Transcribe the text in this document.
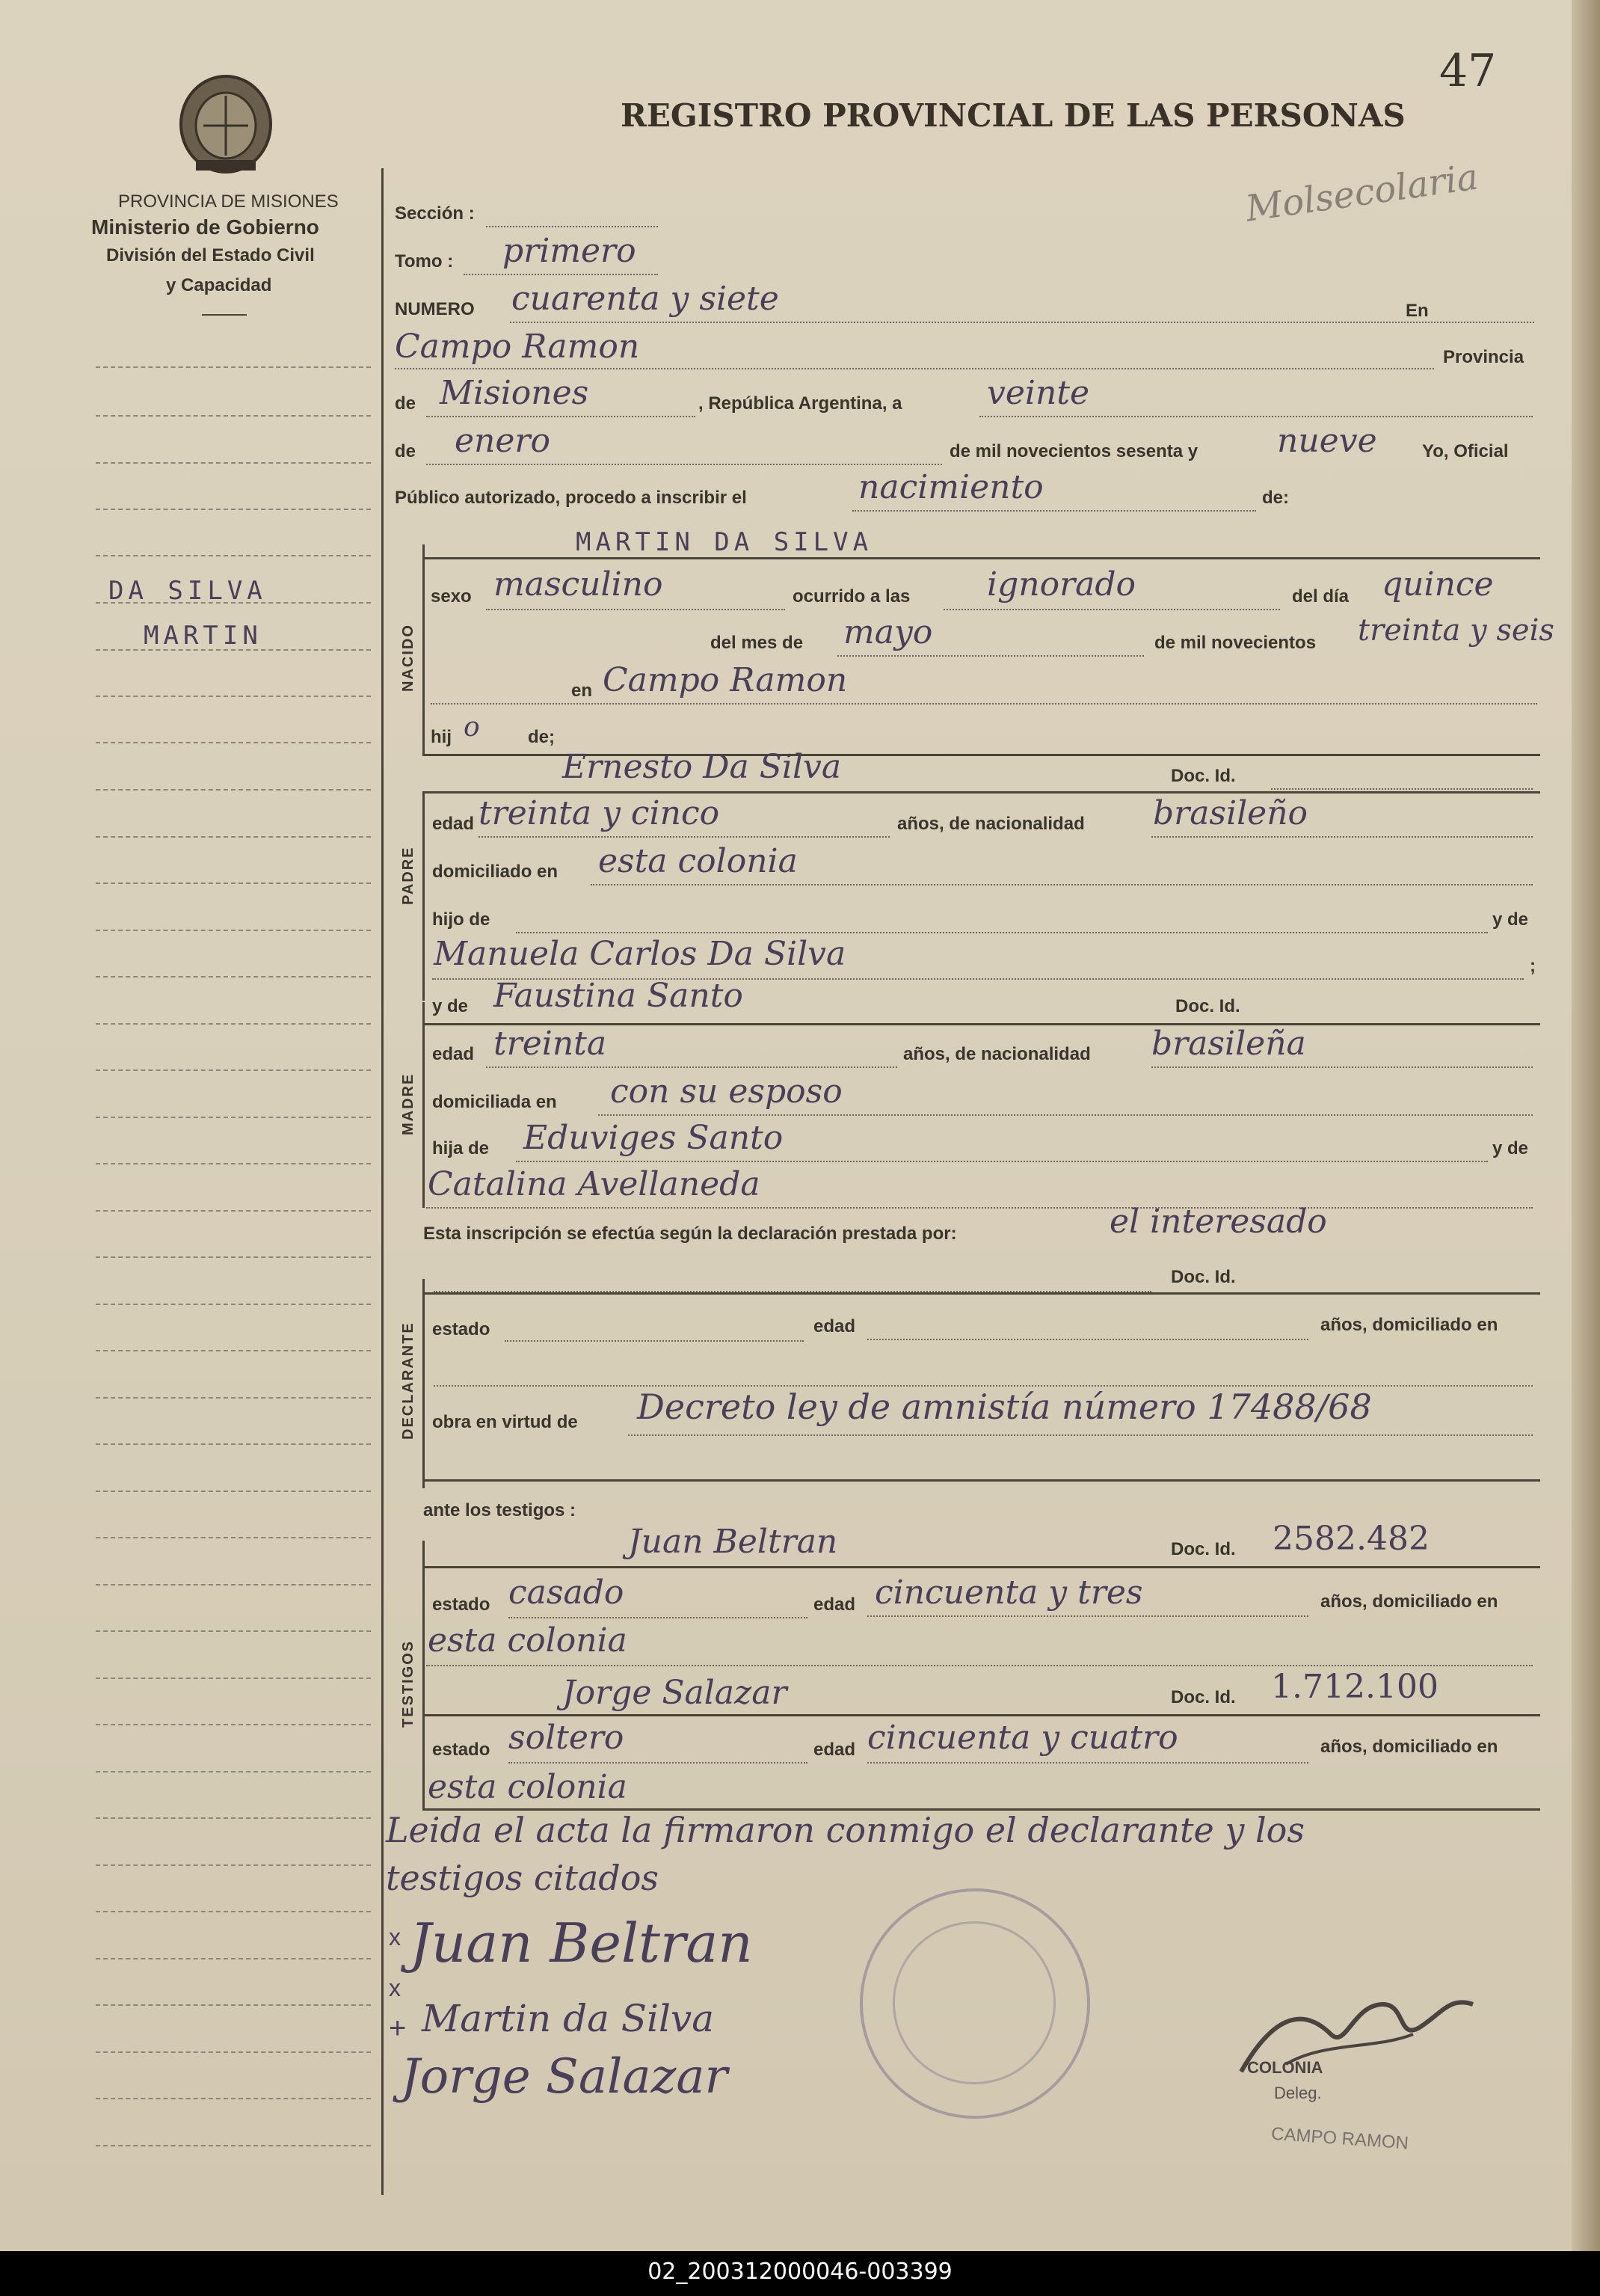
47
REGISTRO PROVINCIAL DE LAS PERSONAS
Molsecolaria
PROVINCIA DE MISIONES
Ministerio de Gobierno
División del Estado Civil
y Capacidad
DA SILVA
MARTIN
Sección :
Tomo : primero
NUMERO cuarenta y siete	En
Campo Ramon	Provincia
de Misiones	, República Argentina, a	veinte
de enero	de mil novecientos sesenta y nueve	Yo, Oficial
Público autorizado, procedo a inscribir el	nacimiento	de:
NACIDO
MARTIN DA SILVA
sexo masculino	ocurrido a las ignorado	del día quince
del mes de mayo	de mil novecientos treinta y seis
en Campo Ramon
hij o	de;
PADRE
Ernesto Da Silva	Doc. Id.
edad treinta y cinco	años, de nacionalidad brasileño
domiciliado en esta colonia
hijo de	y de
Manuela Carlos Da Silva	;
MADRE
y de Faustina Santo	Doc. Id.
edad treinta	años, de nacionalidad brasileña
domiciliada en con su esposo
hija de Eduviges Santo	y de
Catalina Avellaneda
Esta inscripción se efectúa según la declaración prestada por:	el interesado
DECLARANTE
Doc. Id.
estado	edad	años, domiciliado en
obra en virtud de Decreto ley de amnistía número 17488/68
ante los testigos :
TESTIGOS
Juan Beltran	Doc. Id. 2582.482
estado casado	edad cincuenta y tres	años, domiciliado en
esta colonia
Jorge Salazar	Doc. Id. 1.712.100
estado soltero	edad cincuenta y cuatro	años, domiciliado en
esta colonia
Leida el acta la firmaron conmigo el declarante y los
testigos citados
x
x
+
Juan Beltran
Martin da Silva
Jorge Salazar	COLONIA
Deleg.
CAMPO RAMON
02_200312000046-003399
